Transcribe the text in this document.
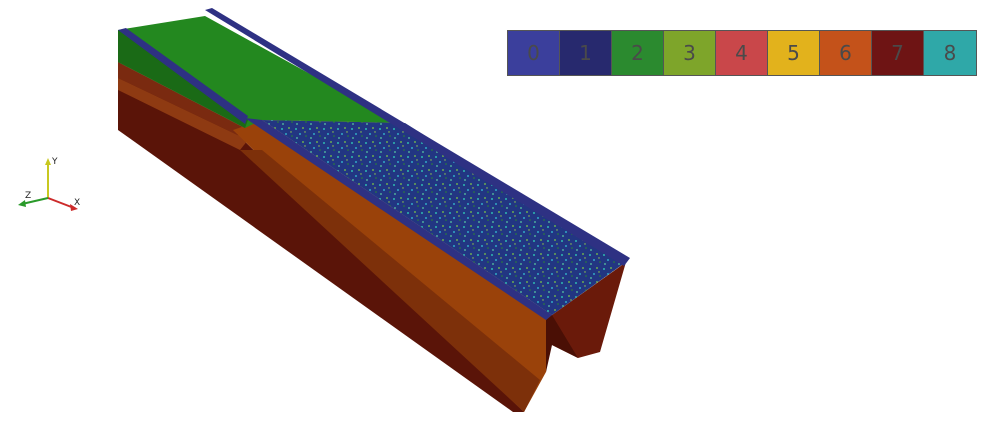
Y
Z
X
0	1	2	3	4	5	6	7	8
